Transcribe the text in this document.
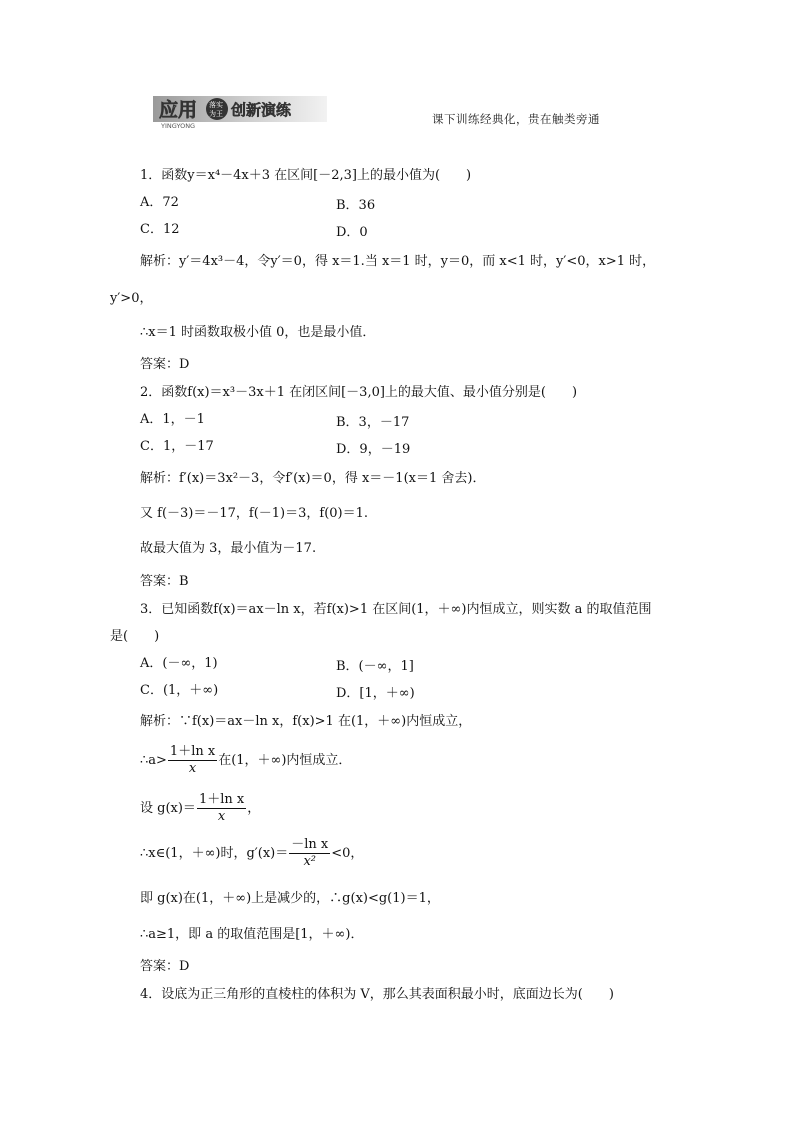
应用
YINGYONG
落实
为王 创新演练	课下训练经典化，贵在触类旁通
1．函数y＝x⁴－4x＋3 在区间[－2,3]上的最小值为(　　)
A．72	B．36
C．12	D．0
解析：y′＝4x³－4，令y′＝0，得 x＝1.当 x＝1 时，y＝0，而 x<1 时，y′<0，x>1 时，
y′>0，
∴x＝1 时函数取极小值 0，也是最小值．
答案：D
2．函数f(x)＝x³－3x＋1 在闭区间[－3,0]上的最大值、最小值分别是(　　)
A．1，－1	B．3，－17
C．1，－17	D．9，－19
解析：f′(x)＝3x²－3，令f′(x)＝0，得 x＝－1(x＝1 舍去)．
又 f(－3)＝－17，f(－1)＝3，f(0)＝1.
故最大值为 3，最小值为－17.
答案：B
3．已知函数f(x)＝ax－ln x，若f(x)>1 在区间(1，＋∞)内恒成立，则实数 a 的取值范围
是(　　)
A．(－∞，1)	B．(－∞，1]
C．(1，＋∞)	D．[1，＋∞)
解析：∵f(x)＝ax－ln x，f(x)>1 在(1，＋∞)内恒成立，
∴a> $\frac{\text{1＋ln x}}{x}$ 在(1，＋∞)内恒成立．
设 $g(x)= \frac{\text{1＋ln x}}{x}$ ，
∴x∈(1，＋∞)时，$g'(x)= \frac{\text{－ln x}}{\text{x²}} <0$，
即 g(x)在(1，＋∞)上是减少的，∴g(x)<g(1)＝1，
∴a≥1，即 a 的取值范围是[1，＋∞)．
答案：D
4．设底为正三角形的直棱柱的体积为 V，那么其表面积最小时，底面边长为(　　)
